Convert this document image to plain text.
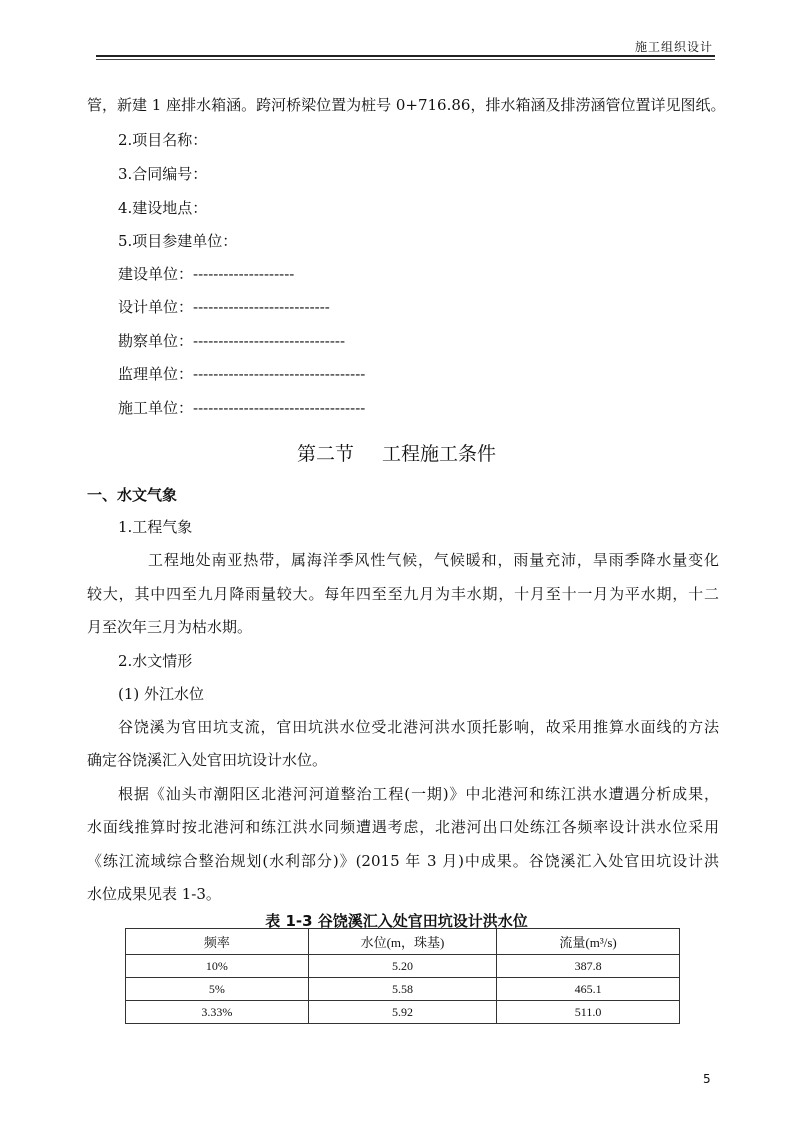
施工组织设计
管，新建 1 座排水箱涵。跨河桥梁位置为桩号 0+716.86，排水箱涵及排涝涵管位置详见图纸。
2.项目名称：
3.合同编号：
4.建设地点：
5.项目参建单位：
建设单位：--------------------
设计单位：---------------------------
勘察单位：------------------------------
监理单位：----------------------------------
施工单位：----------------------------------
第二节 工程施工条件
一、水文气象
1.工程气象
工程地处南亚热带，属海洋季风性气候，气候暖和，雨量充沛，旱雨季降水量变化
较大，其中四至九月降雨量较大。每年四至至九月为丰水期，十月至十一月为平水期，十二
月至次年三月为枯水期。
2.水文情形
(1) 外江水位
谷饶溪为官田坑支流，官田坑洪水位受北港河洪水顶托影响，故采用推算水面线的方法
确定谷饶溪汇入处官田坑设计水位。
根据《汕头市潮阳区北港河河道整治工程(一期)》中北港河和练江洪水遭遇分析成果，
水面线推算时按北港河和练江洪水同频遭遇考虑，北港河出口处练江各频率设计洪水位采用
《练江流域综合整治规划(水利部分)》(2015 年 3 月)中成果。谷饶溪汇入处官田坑设计洪
水位成果见表 1-3。
表 1-3 谷饶溪汇入处官田坑设计洪水位
频率	水位(m，珠基)	流量(m³/s)
10%	5.20	387.8
5%	5.58	465.1
3.33%	5.92	511.0
5
